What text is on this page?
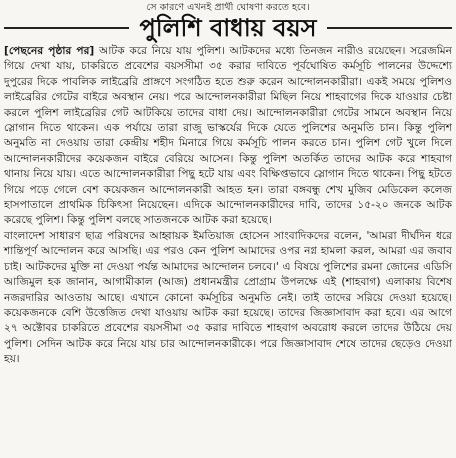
সে কারণে এখনই প্রার্থী ঘোষণা করতে হবে।
পুলিশি বাধায় বয়স

[পেছনের পৃষ্ঠার পর] আটক করে নিয়ে যায় পুলিশ। আটকদের মধ্যে তিনজন নারীও রয়েছেন। সরেজমিন গিয়ে দেখা যায়, চাকরিতে প্রবেশের বয়সসীমা ৩৫ করার দাবিতে পূর্বঘোষিত কর্মসূচি পালনের উদ্দেশ্যে দুপুরের দিকে পাবলিক লাইব্রেরি প্রাঙ্গণে সংগঠিত হতে শুরু করেন আন্দোলনকারীরা। একই সময়ে পুলিশও লাইব্রেরির গেটের বাইরে অবস্থান নেয়। পরে আন্দোলনকারীরা মিছিল নিয়ে শাহবাগের দিকে যাওয়ার চেষ্টা করলে পুলিশ লাইব্রেরির গেট আটকিয়ে তাদের বাধা দেয়। আন্দোলনকারীরা গেটের সামনে অবস্থান নিয়ে স্লোগান দিতে থাকেন। এক পর্যায়ে তারা রাজু ভাস্কর্যের দিকে যেতে পুলিশের অনুমতি চান। কিন্তু পুলিশ অনুমতি না দেওয়ায় তারা কেন্দ্রীয় শহীদ মিনারে গিয়ে কর্মসূচি পালন করতে চান। পুলিশ গেট খুলে দিলে আন্দোলনকারীদের কয়েকজন বাইরে বেরিয়ে আসেন। কিন্তু পুলিশ অতর্কিত তাদের আটক করে শাহবাগ থানায় নিয়ে যায়। এতে আন্দোলনকারীরা পিছু হটে যায় এবং বিক্ষিপ্তভাবে স্লোগান দিতে থাকেন। পিছু হটতে গিয়ে পড়ে গেলে বেশ কয়েকজন আন্দোলনকারী আহত হন। তারা বঙ্গবন্ধু শেখ মুজিব মেডিকেল কলেজ হাসপাতালে প্রাথমিক চিকিৎসা নিয়েছেন। এদিকে আন্দোলনকারীদের দাবি, তাদের ১৫-২০ জনকে আটক করেছে পুলিশ। কিন্তু পুলিশ বলছে সাতজনকে আটক করা হয়েছে।

বাংলাদেশ সাধারণ ছাত্র পরিষদের আহ্বায়ক ইমতিয়াজ হোসেন সাংবাদিকদের বলেন, 'আমরা দীর্ঘদিন ধরে শান্তিপূর্ণ আন্দোলন করে আসছি। এর পরও কেন পুলিশ আমাদের ওপর নগ্ন হামলা করল, আমরা এর জবাব চাই। আটকদের মুক্তি না দেওয়া পর্যন্ত আমাদের আন্দোলন চলবে।' এ বিষয়ে পুলিশের রমনা জোনের এডিসি আজিমুল হক জানান, আগামীকাল (আজ) প্রধানমন্ত্রীর প্রোগ্রাম উপলক্ষে এই (শাহবাগ) এলাকায় বিশেষ নজরদারির আওতায় আছে। এখানে কোনো কর্মসূচির অনুমতি নেই। তাই তাদের সরিয়ে দেওয়া হয়েছে। কয়েকজনকে বেশি উত্তেজিত দেখা যাওয়ায় আটক করা হয়েছে। তাদের জিজ্ঞাসাবাদ করা হবে। এর আগে ২৭ অক্টোবর চাকরিতে প্রবেশের বয়সসীমা ৩৫ করার দাবিতে শাহবাগ অবরোধ করলে তাদের উঠিয়ে দেয় পুলিশ। সেদিন আটক করে নিয়ে যায় চার আন্দোলনকারীকে। পরে জিজ্ঞাসাবাদ শেষে তাদের ছেড়েও দেওয়া হয়।
